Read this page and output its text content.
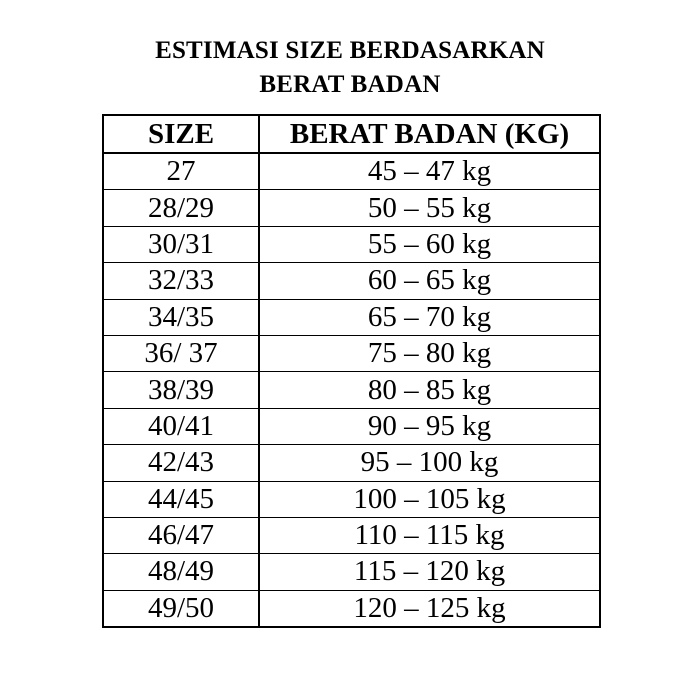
ESTIMASI SIZE BERDASARKAN
BERAT BADAN
SIZE	BERAT BADAN (KG)
27	45 – 47 kg
28/29	50 – 55 kg
30/31	55 – 60 kg
32/33	60 – 65 kg
34/35	65 – 70 kg
36/ 37	75 – 80 kg
38/39	80 – 85 kg
40/41	90 – 95 kg
42/43	95 – 100 kg
44/45	100 – 105 kg
46/47	110 – 115 kg
48/49	115 – 120 kg
49/50	120 – 125 kg
